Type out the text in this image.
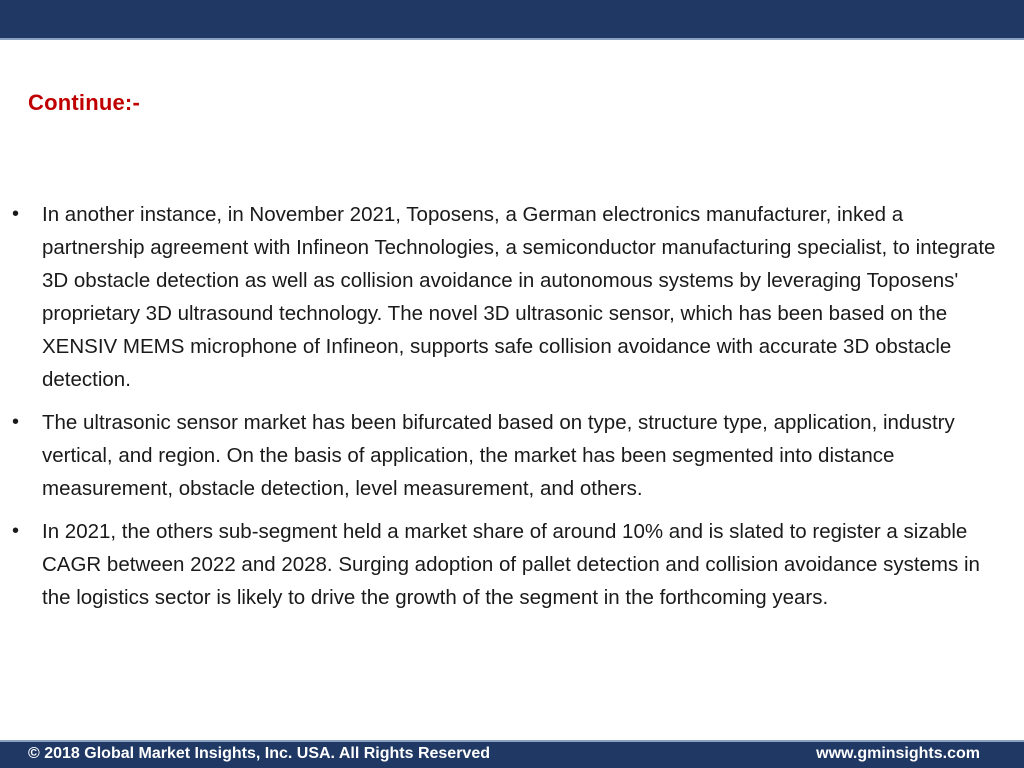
Continue:-
• In another instance, in November 2021, Toposens, a German electronics manufacturer, inked a partnership agreement with Infineon Technologies, a semiconductor manufacturing specialist, to integrate 3D obstacle detection as well as collision avoidance in autonomous systems by leveraging Toposens' proprietary 3D ultrasound technology. The novel 3D ultrasonic sensor, which has been based on the XENSIV MEMS microphone of Infineon, supports safe collision avoidance with accurate 3D obstacle detection.
• The ultrasonic sensor market has been bifurcated based on type, structure type, application, industry vertical, and region. On the basis of application, the market has been segmented into distance measurement, obstacle detection, level measurement, and others.
• In 2021, the others sub-segment held a market share of around 10% and is slated to register a sizable CAGR between 2022 and 2028. Surging adoption of pallet detection and collision avoidance systems in the logistics sector is likely to drive the growth of the segment in the forthcoming years.
© 2018 Global Market Insights, Inc. USA. All Rights Reserved	www.gminsights.com
